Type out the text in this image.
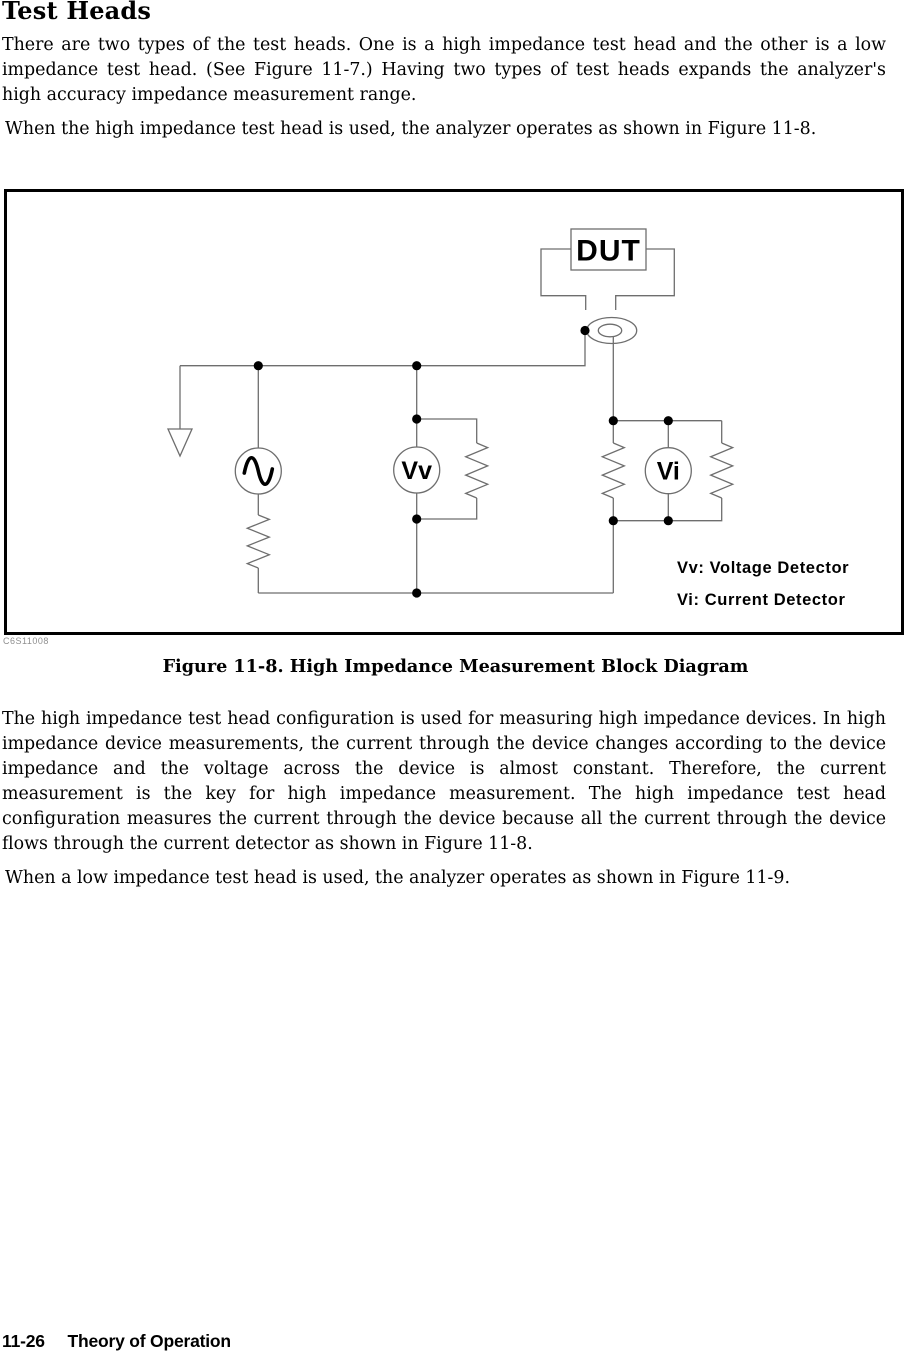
Test Heads
There are two types of the test heads. One is a high impedance test head and the other is a low impedance test head. (See Figure 11-7.) Having two types of test heads expands the analyzer's high accuracy impedance measurement range.
When the high impedance test head is used, the analyzer operates as shown in Figure 11-8.
DUT
Vv	Vi
Vv: Voltage Detector
Vi: Current Detector
C6S11008
Figure 11-8. High Impedance Measurement Block Diagram
The high impedance test head configuration is used for measuring high impedance devices. In high impedance device measurements, the current through the device changes according to the device impedance and the voltage across the device is almost constant. Therefore, the current measurement is the key for high impedance measurement. The high impedance test head configuration measures the current through the device because all the current through the device flows through the current detector as shown in Figure 11-8.
When a low impedance test head is used, the analyzer operates as shown in Figure 11-9.
11-26 Theory of Operation
